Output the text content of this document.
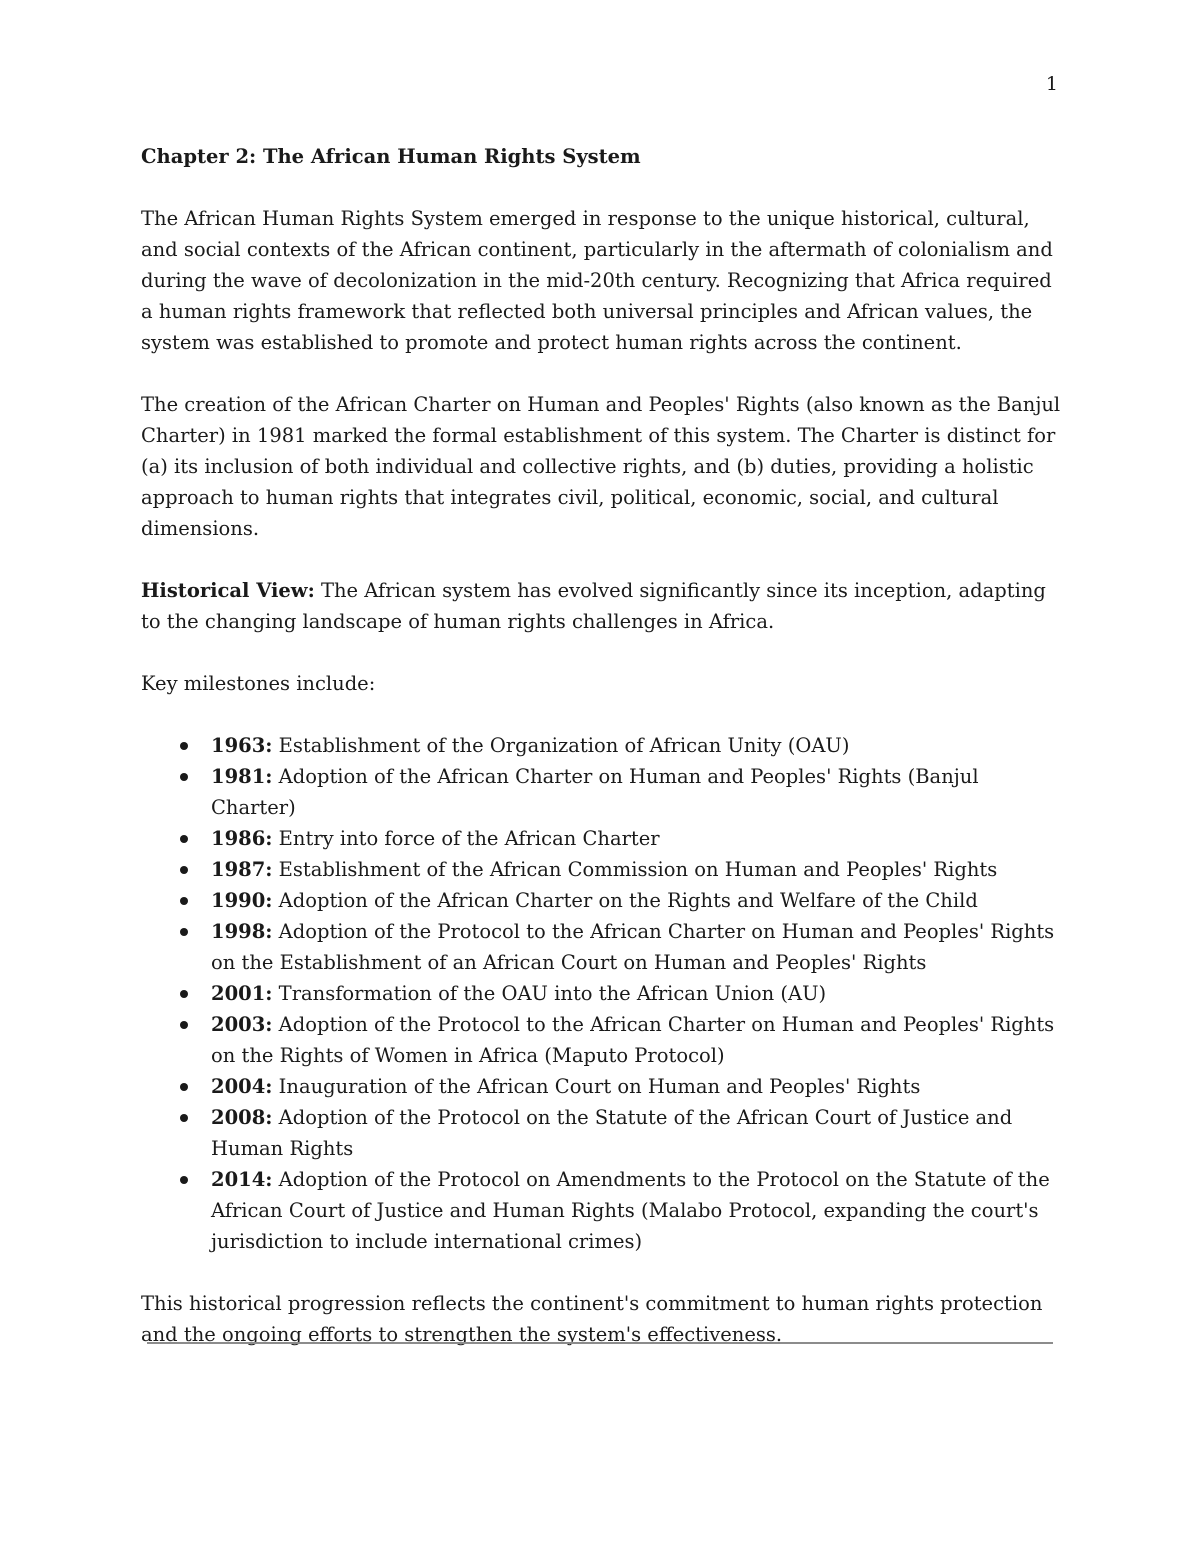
1
Chapter 2: The African Human Rights System

The African Human Rights System emerged in response to the unique historical, cultural, and social contexts of the African continent, particularly in the aftermath of colonialism and during the wave of decolonization in the mid-20th century. Recognizing that Africa required a human rights framework that reflected both universal principles and African values, the system was established to promote and protect human rights across the continent.

The creation of the African Charter on Human and Peoples' Rights (also known as the Banjul Charter) in 1981 marked the formal establishment of this system. The Charter is distinct for (a) its inclusion of both individual and collective rights, and (b) duties, providing a holistic approach to human rights that integrates civil, political, economic, social, and cultural dimensions.

Historical View: The African system has evolved significantly since its inception, adapting to the changing landscape of human rights challenges in Africa.

Key milestones include:

1963: Establishment of the Organization of African Unity (OAU)
1981: Adoption of the African Charter on Human and Peoples' Rights (Banjul Charter)
1986: Entry into force of the African Charter
1987: Establishment of the African Commission on Human and Peoples' Rights
1990: Adoption of the African Charter on the Rights and Welfare of the Child
1998: Adoption of the Protocol to the African Charter on Human and Peoples' Rights on the Establishment of an African Court on Human and Peoples' Rights
2001: Transformation of the OAU into the African Union (AU)
2003: Adoption of the Protocol to the African Charter on Human and Peoples' Rights on the Rights of Women in Africa (Maputo Protocol)
2004: Inauguration of the African Court on Human and Peoples' Rights
2008: Adoption of the Protocol on the Statute of the African Court of Justice and Human Rights
2014: Adoption of the Protocol on Amendments to the Protocol on the Statute of the African Court of Justice and Human Rights (Malabo Protocol, expanding the court's jurisdiction to include international crimes)

This historical progression reflects the continent's commitment to human rights protection and the ongoing efforts to strengthen the system's effectiveness.
